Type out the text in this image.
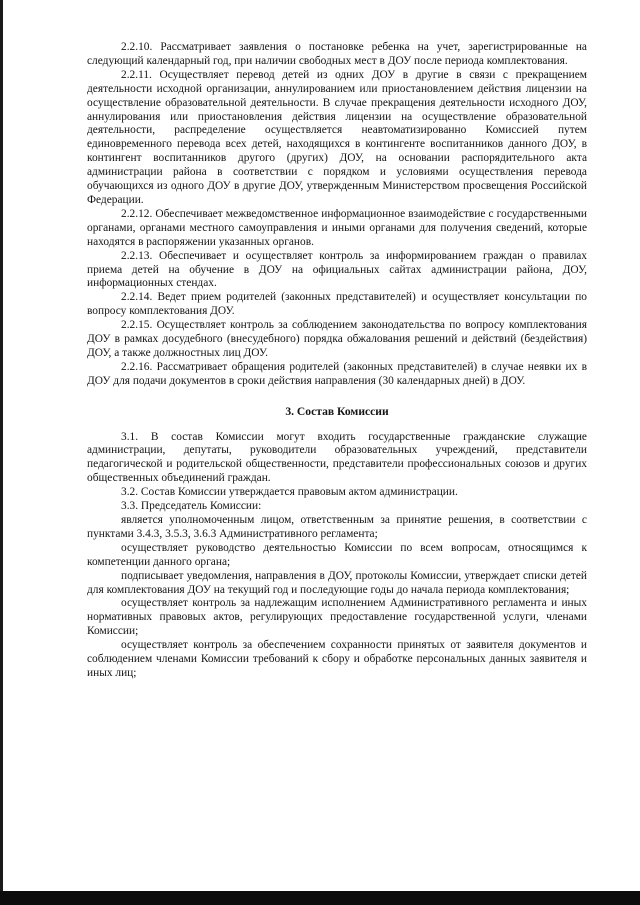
2.2.10. Рассматривает заявления о постановке ребенка на учет, зарегистрированные на следующий календарный год, при наличии свободных мест в ДОУ после периода комплектования.

2.2.11. Осуществляет перевод детей из одних ДОУ в другие в связи с прекращением деятельности исходной организации, аннулированием или приостановлением действия лицензии на осуществление образовательной деятельности. В случае прекращения деятельности исходного ДОУ, аннулирования или приостановления действия лицензии на осуществление образовательной деятельности, распределение осуществляется неавтоматизированно Комиссией путем единовременного перевода всех детей, находящихся в контингенте воспитанников данного ДОУ, в контингент воспитанников другого (других) ДОУ, на основании распорядительного акта администрации района в соответствии с порядком и условиями осуществления перевода обучающихся из одного ДОУ в другие ДОУ, утвержденным Министерством просвещения Российской Федерации.

2.2.12. Обеспечивает межведомственное информационное взаимодействие с государственными органами, органами местного самоуправления и иными органами для получения сведений, которые находятся в распоряжении указанных органов.

2.2.13. Обеспечивает и осуществляет контроль за информированием граждан о правилах приема детей на обучение в ДОУ на официальных сайтах администрации района, ДОУ, информационных стендах.

2.2.14. Ведет прием родителей (законных представителей) и осуществляет консультации по вопросу комплектования ДОУ.

2.2.15. Осуществляет контроль за соблюдением законодательства по вопросу комплектования ДОУ в рамках досудебного (внесудебного) порядка обжалования решений и действий (бездействия) ДОУ, а также должностных лиц ДОУ.

2.2.16. Рассматривает обращения родителей (законных представителей) в случае неявки их в ДОУ для подачи документов в сроки действия направления (30 календарных дней) в ДОУ.

3. Состав Комиссии

3.1. В состав Комиссии могут входить государственные гражданские служащие администрации, депутаты, руководители образовательных учреждений, представители педагогической и родительской общественности, представители профессиональных союзов и других общественных объединений граждан.

3.2. Состав Комиссии утверждается правовым актом администрации.

3.3. Председатель Комиссии:

является уполномоченным лицом, ответственным за принятие решения, в соответствии с пунктами 3.4.3, 3.5.3, 3.6.3 Административного регламента;

осуществляет руководство деятельностью Комиссии по всем вопросам, относящимся к компетенции данного органа;

подписывает уведомления, направления в ДОУ, протоколы Комиссии, утверждает списки детей для комплектования ДОУ на текущий год и последующие годы до начала периода комплектования;

осуществляет контроль за надлежащим исполнением Административного регламента и иных нормативных правовых актов, регулирующих предоставление государственной услуги, членами Комиссии;

осуществляет контроль за обеспечением сохранности принятых от заявителя документов и соблюдением членами Комиссии требований к сбору и обработке персональных данных заявителя и иных лиц;
